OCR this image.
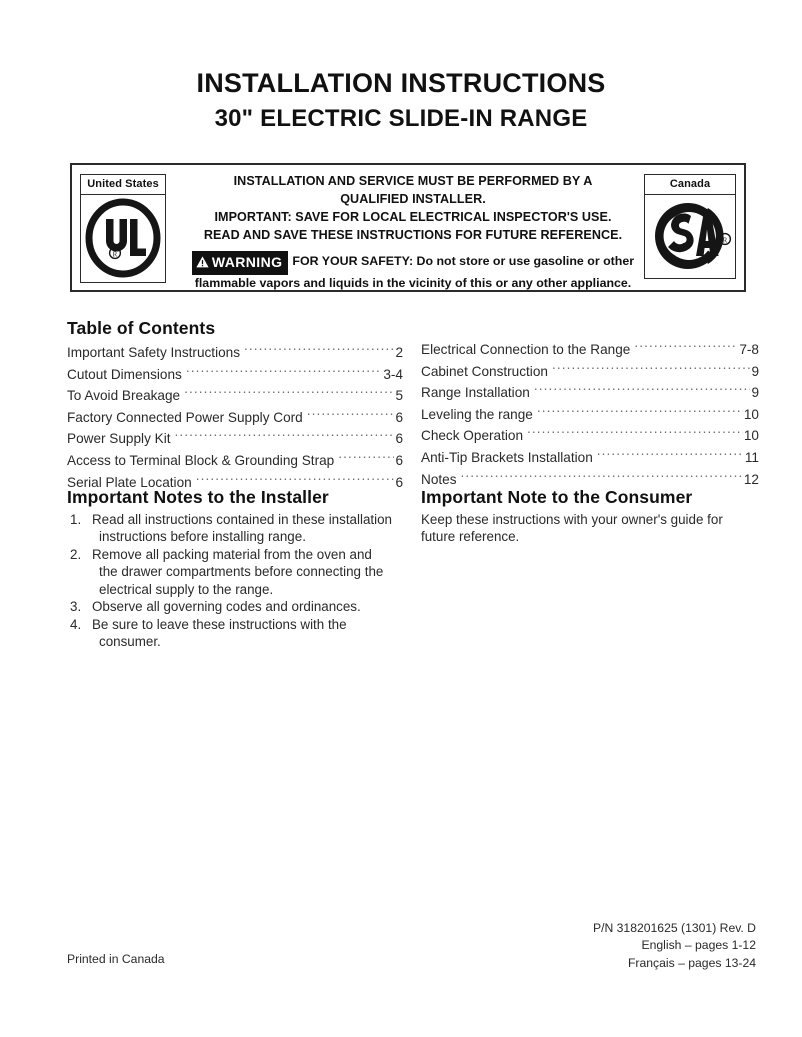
INSTALLATION INSTRUCTIONS
30" ELECTRIC SLIDE-IN RANGE
United States
R
Canada
R
INSTALLATION AND SERVICE MUST BE PERFORMED BY A
QUALIFIED INSTALLER.
IMPORTANT: SAVE FOR LOCAL ELECTRICAL INSPECTOR'S USE.
READ AND SAVE THESE INSTRUCTIONS FOR FUTURE REFERENCE.
WARNING FOR YOUR SAFETY: Do not store or use gasoline or other
flammable vapors and liquids in the vicinity of this or any other appliance.
Table of Contents
Important Safety Instructions .....	2
Cutout Dimensions .....	3-4
To Avoid Breakage .....	5
Factory Connected Power Supply Cord .....	6
Power Supply Kit .....	6
Access to Terminal Block & Grounding Strap .....	6
Serial Plate Location .....	6
Electrical Connection to the Range .....	7-8
Cabinet Construction .....	9
Range Installation .....	9
Leveling the range .....	10
Check Operation .....	10
Anti-Tip Brackets Installation .....	11
Notes .....	12
Important Notes to the Installer
1. Read all instructions contained in these installation
instructions before installing range.
2. Remove all packing material from the oven and
the drawer compartments before connecting the
electrical supply to the range.
3. Observe all governing codes and ordinances.
4. Be sure to leave these instructions with the
consumer.
Important Note to the Consumer
Keep these instructions with your owner's guide for
future reference.
P/N 318201625 (1301) Rev. D
English – pages 1-12
Français – pages 13-24
Printed in Canada
